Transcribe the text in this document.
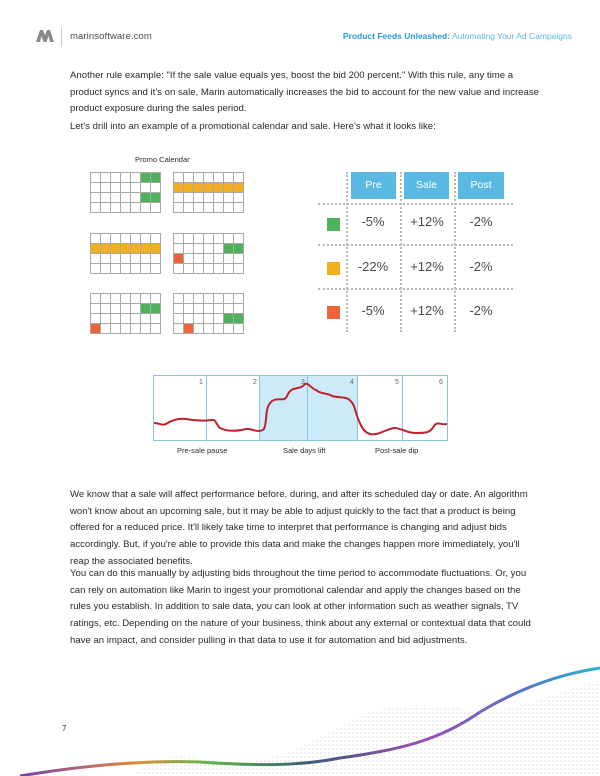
marinsoftware.com	Product Feeds Unleashed: Automating Your Ad Campaigns

Another rule example: "If the sale value equals yes, boost the bid 200 percent." With this rule, any time a product syncs and it's on sale, Marin automatically increases the bid to account for the new value and increase product exposure during the sales period.

Let's drill into an example of a promotional calendar and sale. Here's what it looks like:

Promo Calendar
Pre	Sale	Post
-5%	+12%	-2%
-22%	+12%	-2%
-5%	+12%	-2%
1	2	3	4	5	6
Pre-sale pause	Sale days lift	Post-sale dip

We know that a sale will affect performance before, during, and after its scheduled day or date. An algorithm won't know about an upcoming sale, but it may be able to adjust quickly to the fact that a product is being offered for a reduced price. It'll likely take time to interpret that performance is changing and adjust bids accordingly. But, if you're able to provide this data and make the changes happen more immediately, you'll reap the associated benefits.

You can do this manually by adjusting bids throughout the time period to accommodate fluctuations. Or, you can rely on automation like Marin to ingest your promotional calendar and apply the changes based on the rules you establish. In addition to sale data, you can look at other information such as weather signals, TV ratings, etc. Depending on the nature of your business, think about any external or contextual data that could have an impact, and consider pulling in that data to use it for automation and bid adjustments.

7
